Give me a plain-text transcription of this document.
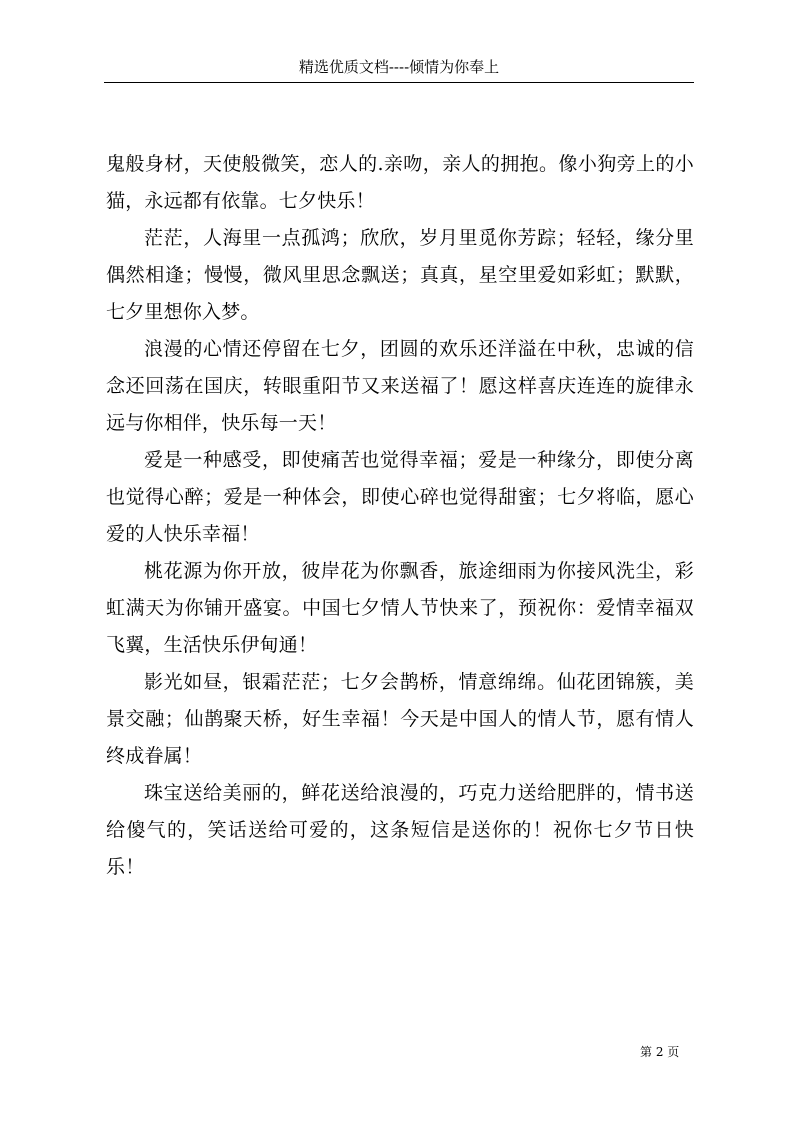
精选优质文档----倾情为你奉上

鬼般身材，天使般微笑，恋人的.亲吻，亲人的拥抱。像小狗旁上的小猫，永远都有依靠。七夕快乐！

茫茫，人海里一点孤鸿；欣欣，岁月里觅你芳踪；轻轻，缘分里偶然相逢；慢慢，微风里思念飘送；真真，星空里爱如彩虹；默默，七夕里想你入梦。

浪漫的心情还停留在七夕，团圆的欢乐还洋溢在中秋，忠诚的信念还回荡在国庆，转眼重阳节又来送福了！愿这样喜庆连连的旋律永远与你相伴，快乐每一天！

爱是一种感受，即使痛苦也觉得幸福；爱是一种缘分，即使分离也觉得心醉；爱是一种体会，即使心碎也觉得甜蜜；七夕将临，愿心爱的人快乐幸福！

桃花源为你开放，彼岸花为你飘香，旅途细雨为你接风洗尘，彩虹满天为你铺开盛宴。中国七夕情人节快来了，预祝你：爱情幸福双飞翼，生活快乐伊甸通！

影光如昼，银霜茫茫；七夕会鹊桥，情意绵绵。仙花团锦簇，美景交融；仙鹊聚天桥，好生幸福！今天是中国人的情人节，愿有情人终成眷属！

珠宝送给美丽的，鲜花送给浪漫的，巧克力送给肥胖的，情书送给傻气的，笑话送给可爱的，这条短信是送你的！祝你七夕节日快乐！

第 2 页
